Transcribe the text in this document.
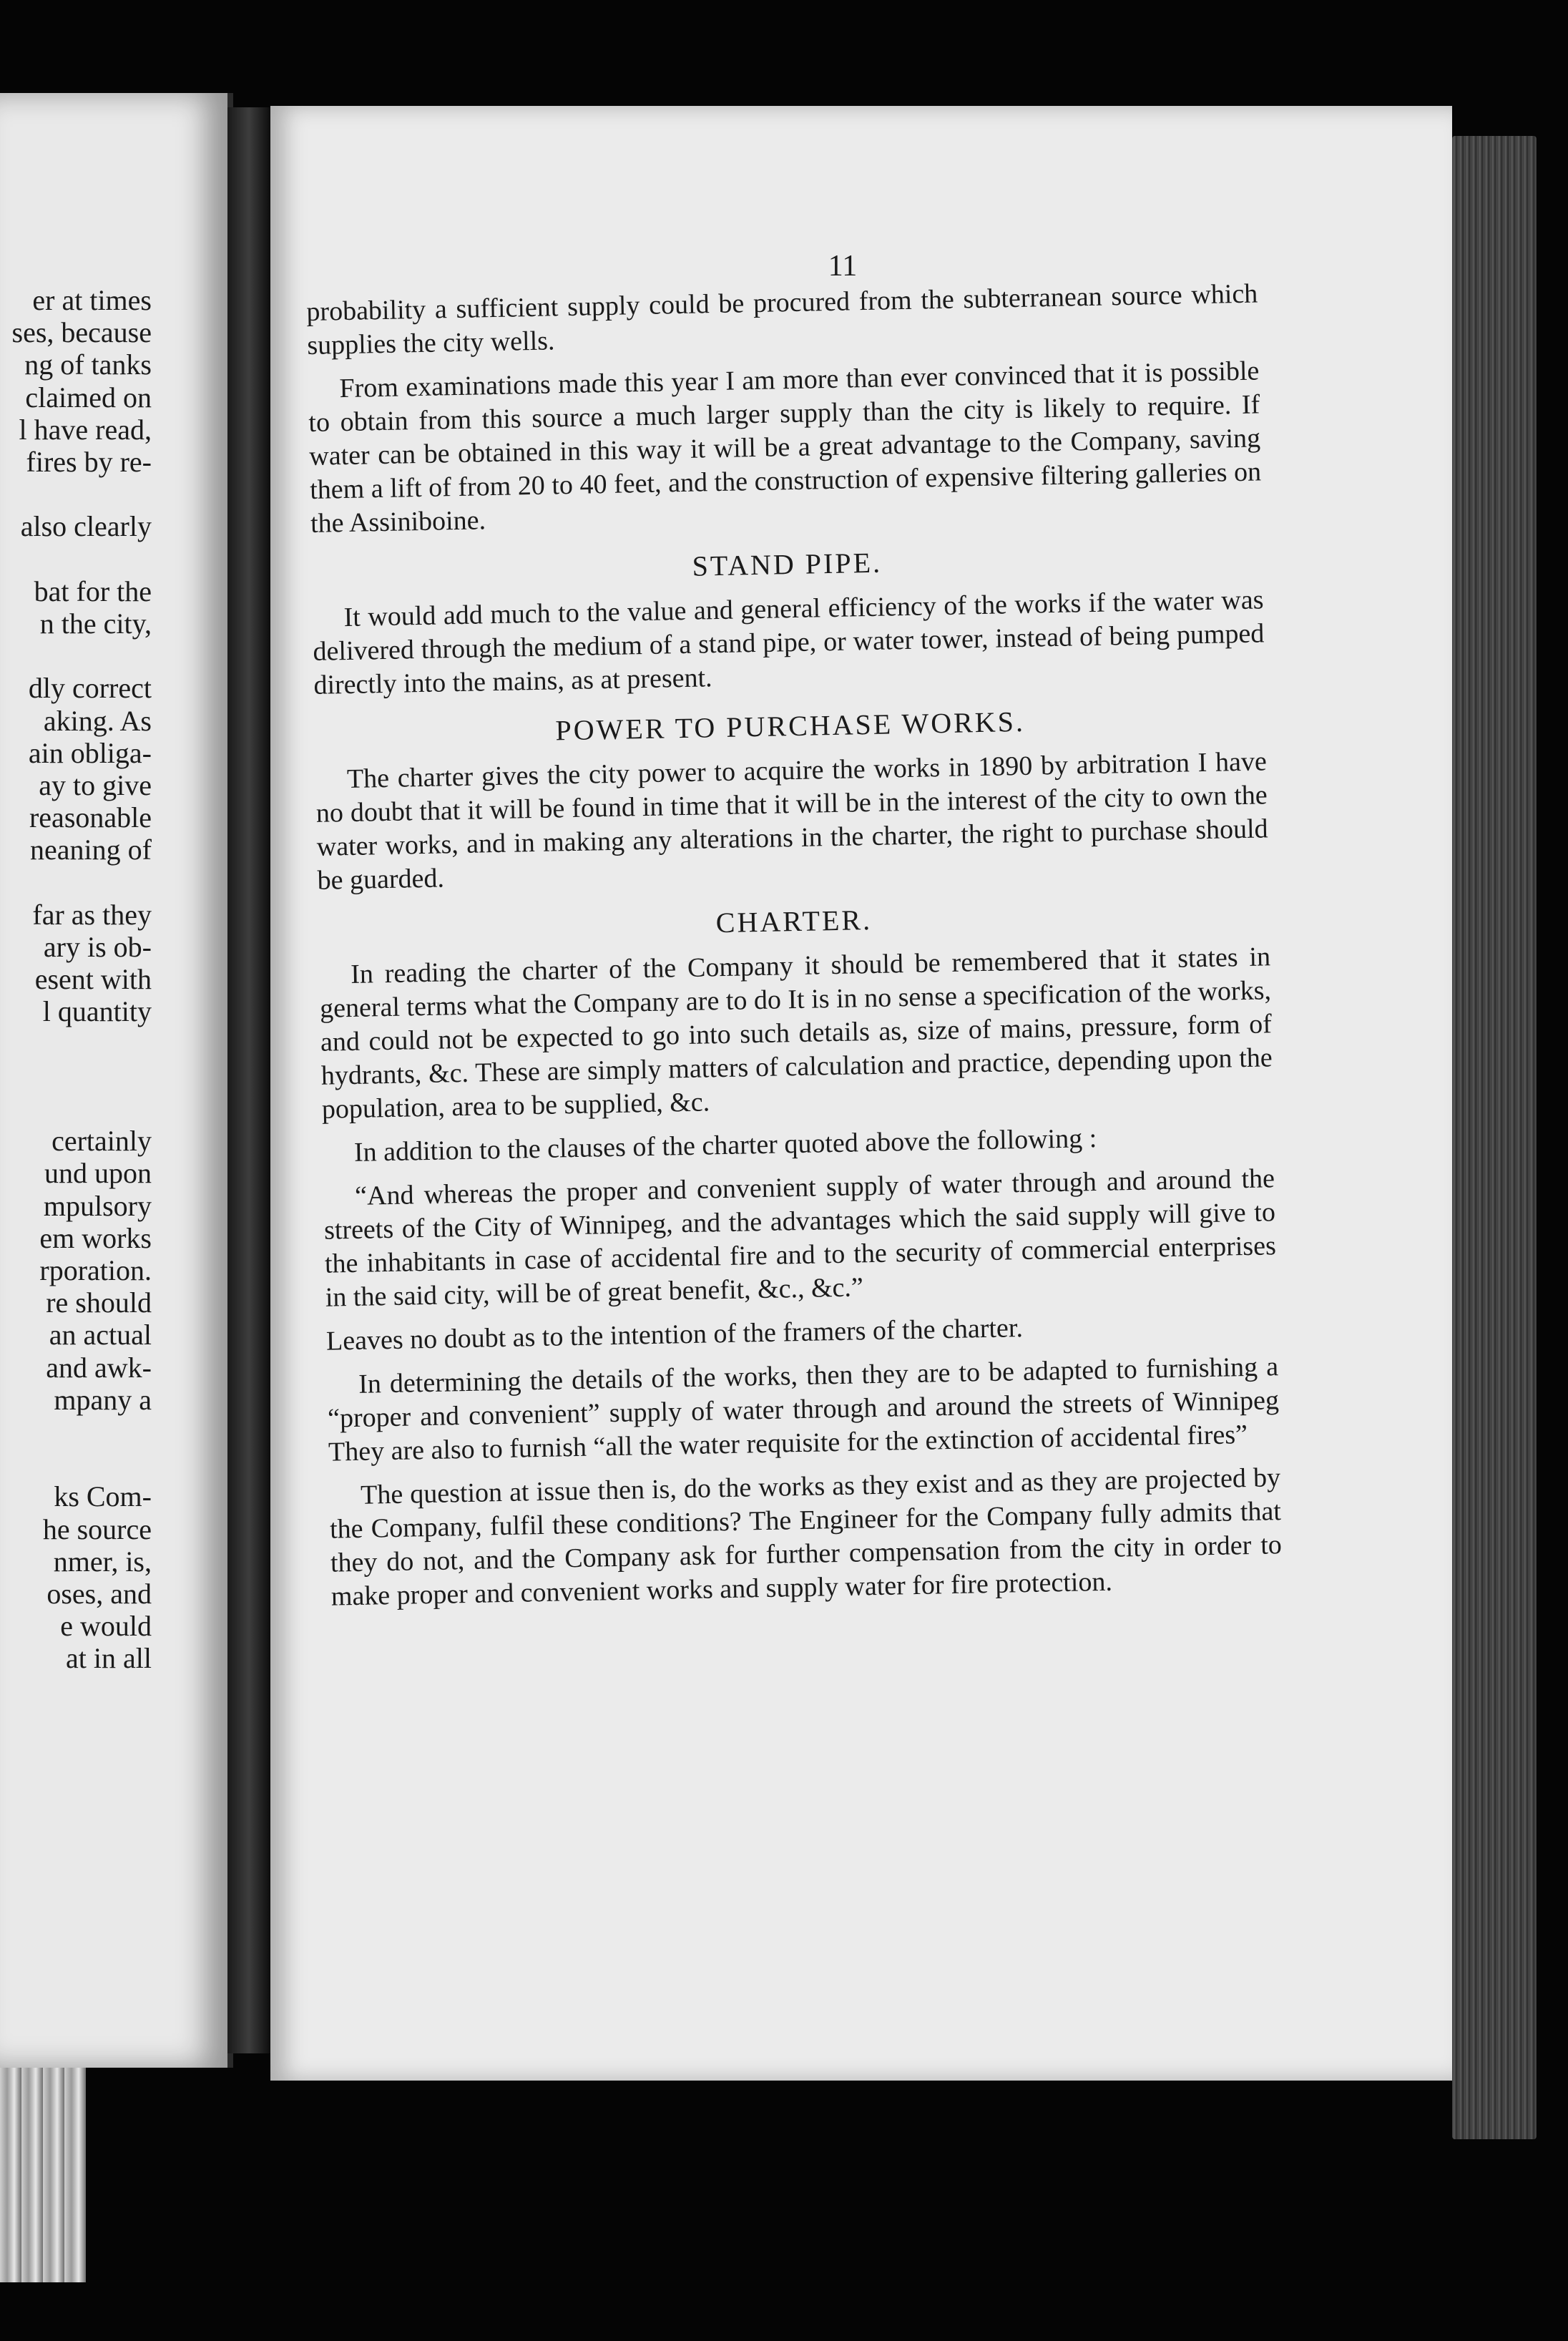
er at times
ses, because
ng of tanks
claimed on
l have read,
fires by re-
also clearly
bat for the
n the city,
dly correct
aking. As
ain obliga-
ay to give
reasonable
neaning of
far as they
ary is ob-
esent with
l quantity
certainly
und upon
mpulsory
em works
rporation.
re should
an actual
and awk-
mpany a
ks Com-
he source
nmer, is,
oses, and
e would
at in all
11

probability a sufficient supply could be procured from the subterranean source which supplies the city wells.

From examinations made this year I am more than ever convinced that it is possible to obtain from this source a much larger supply than the city is likely to require. If water can be obtained in this way it will be a great advantage to the Company, saving them a lift of from 20 to 40 feet, and the construction of expensive filtering galleries on the Assiniboine.

STAND PIPE.

It would add much to the value and general efficiency of the works if the water was delivered through the medium of a stand pipe, or water tower, instead of being pumped directly into the mains, as at present.

POWER TO PURCHASE WORKS.

The charter gives the city power to acquire the works in 1890 by arbitration I have no doubt that it will be found in time that it will be in the interest of the city to own the water works, and in making any alterations in the charter, the right to purchase should be guarded.

CHARTER.

In reading the charter of the Company it should be remembered that it states in general terms what the Company are to do It is in no sense a specification of the works, and could not be expected to go into such details as, size of mains, pressure, form of hydrants, &c. These are simply matters of calculation and practice, depending upon the population, area to be supplied, &c.

In addition to the clauses of the charter quoted above the following :

“And whereas the proper and convenient supply of water through and around the streets of the City of Winnipeg, and the advantages which the said supply will give to the inhabitants in case of accidental fire and to the security of commercial enterprises in the said city, will be of great benefit, &c., &c.”

Leaves no doubt as to the intention of the framers of the charter.

In determining the details of the works, then they are to be adapted to furnishing a “proper and convenient” supply of water through and around the streets of Winnipeg They are also to furnish “all the water requisite for the extinction of accidental fires”

The question at issue then is, do the works as they exist and as they are projected by the Company, fulfil these conditions? The Engineer for the Company fully admits that they do not, and the Company ask for further compensation from the city in order to make proper and convenient works and supply water for fire protection.
